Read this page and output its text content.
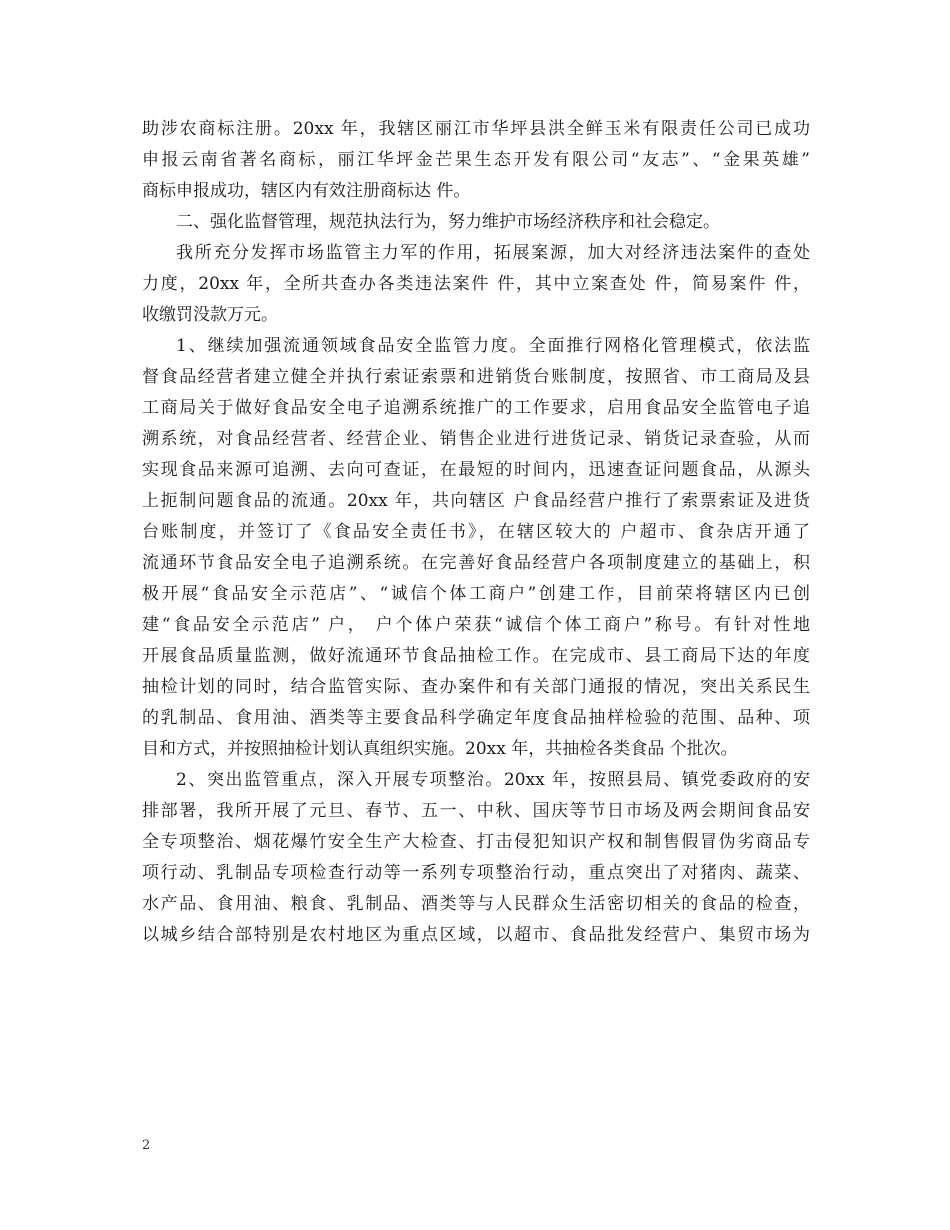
助涉农商标注册。20xx 年，我辖区丽江市华坪县洪全鲜玉米有限责任公司已成功
申报云南省著名商标，丽江华坪金芒果生态开发有限公司“友志”、“金果英雄”
商标申报成功，辖区内有效注册商标达 件。
二、强化监督管理，规范执法行为，努力维护市场经济秩序和社会稳定。
我所充分发挥市场监管主力军的作用，拓展案源，加大对经济违法案件的查处
力度，20xx 年，全所共查办各类违法案件 件，其中立案查处 件，简易案件 件，
收缴罚没款万元。
1、继续加强流通领域食品安全监管力度。全面推行网格化管理模式，依法监
督食品经营者建立健全并执行索证索票和进销货台账制度，按照省、市工商局及县
工商局关于做好食品安全电子追溯系统推广的工作要求，启用食品安全监管电子追
溯系统，对食品经营者、经营企业、销售企业进行进货记录、销货记录查验，从而
实现食品来源可追溯、去向可查证，在最短的时间内，迅速查证问题食品，从源头
上扼制问题食品的流通。20xx 年，共向辖区 户食品经营户推行了索票索证及进货
台账制度，并签订了《食品安全责任书》，在辖区较大的 户超市、食杂店开通了
流通环节食品安全电子追溯系统。在完善好食品经营户各项制度建立的基础上，积
极开展“食品安全示范店”、“诚信个体工商户”创建工作，目前荣将辖区内已创
建“食品安全示范店” 户， 户个体户荣获“诚信个体工商户”称号。有针对性地
开展食品质量监测，做好流通环节食品抽检工作。在完成市、县工商局下达的年度
抽检计划的同时，结合监管实际、查办案件和有关部门通报的情况，突出关系民生
的乳制品、食用油、酒类等主要食品科学确定年度食品抽样检验的范围、品种、项
目和方式，并按照抽检计划认真组织实施。20xx 年，共抽检各类食品 个批次。
2、突出监管重点，深入开展专项整治。20xx 年，按照县局、镇党委政府的安
排部署，我所开展了元旦、春节、五一、中秋、国庆等节日市场及两会期间食品安
全专项整治、烟花爆竹安全生产大检查、打击侵犯知识产权和制售假冒伪劣商品专
项行动、乳制品专项检查行动等一系列专项整治行动，重点突出了对猪肉、蔬菜、
水产品、食用油、粮食、乳制品、酒类等与人民群众生活密切相关的食品的检查，
以城乡结合部特别是农村地区为重点区域，以超市、食品批发经营户、集贸市场为
2
